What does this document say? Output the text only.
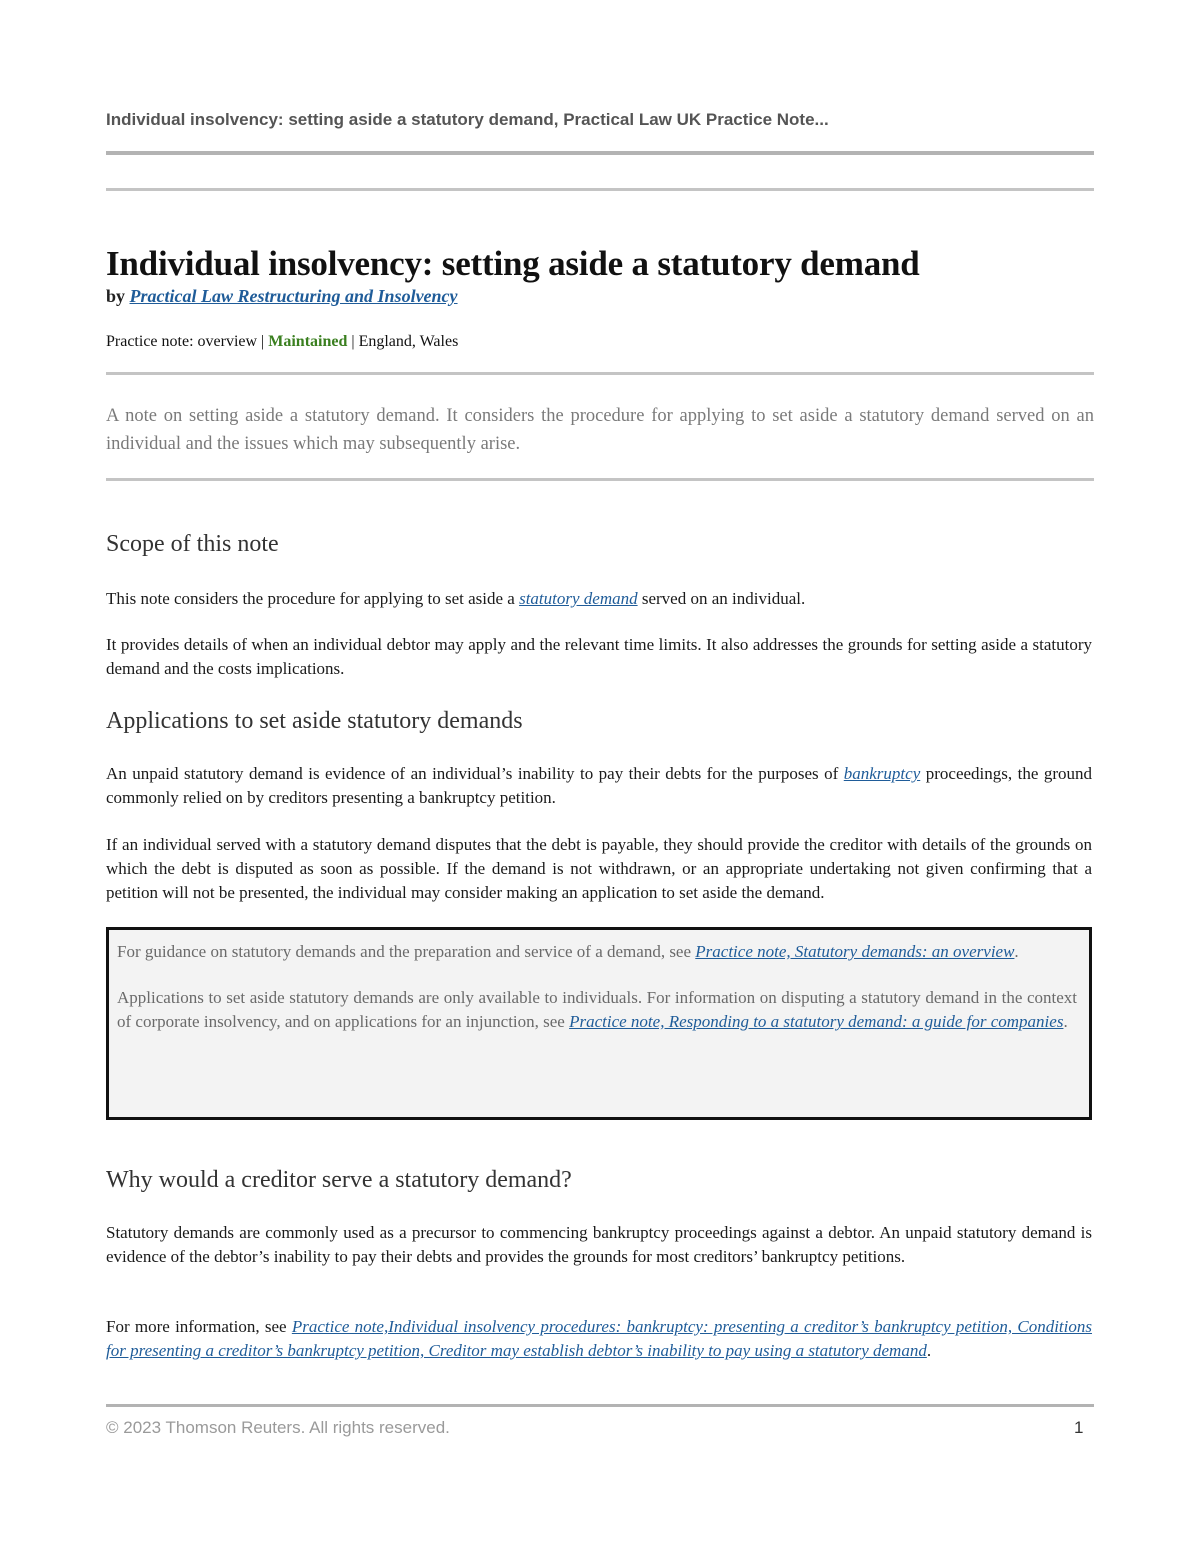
Individual insolvency: setting aside a statutory demand, Practical Law UK Practice Note...
Individual insolvency: setting aside a statutory demand
by Practical Law Restructuring and Insolvency
Practice note: overview | Maintained | England, Wales
A note on setting aside a statutory demand. It considers the procedure for applying to set aside a statutory demand served on an individual and the issues which may subsequently arise.
Scope of this note

This note considers the procedure for applying to set aside a statutory demand served on an individual.

It provides details of when an individual debtor may apply and the relevant time limits. It also addresses the grounds for setting aside a statutory demand and the costs implications.

Applications to set aside statutory demands

An unpaid statutory demand is evidence of an individual’s inability to pay their debts for the purposes of bankruptcy proceedings, the ground commonly relied on by creditors presenting a bankruptcy petition.

If an individual served with a statutory demand disputes that the debt is payable, they should provide the creditor with details of the grounds on which the debt is disputed as soon as possible. If the demand is not withdrawn, or an appropriate undertaking not given confirming that a petition will not be presented, the individual may consider making an application to set aside the demand.

For guidance on statutory demands and the preparation and service of a demand, see Practice note, Statutory demands: an overview.

Applications to set aside statutory demands are only available to individuals. For information on disputing a statutory demand in the context of corporate insolvency, and on applications for an injunction, see Practice note, Responding to a statutory demand: a guide for companies.

Why would a creditor serve a statutory demand?

Statutory demands are commonly used as a precursor to commencing bankruptcy proceedings against a debtor. An unpaid statutory demand is evidence of the debtor’s inability to pay their debts and provides the grounds for most creditors’ bankruptcy petitions.

For more information, see Practice note,Individual insolvency procedures: bankruptcy: presenting a creditor’s bankruptcy petition, Conditions for presenting a creditor’s bankruptcy petition, Creditor may establish debtor’s inability to pay using a statutory demand.

© 2023 Thomson Reuters. All rights reserved.	1
